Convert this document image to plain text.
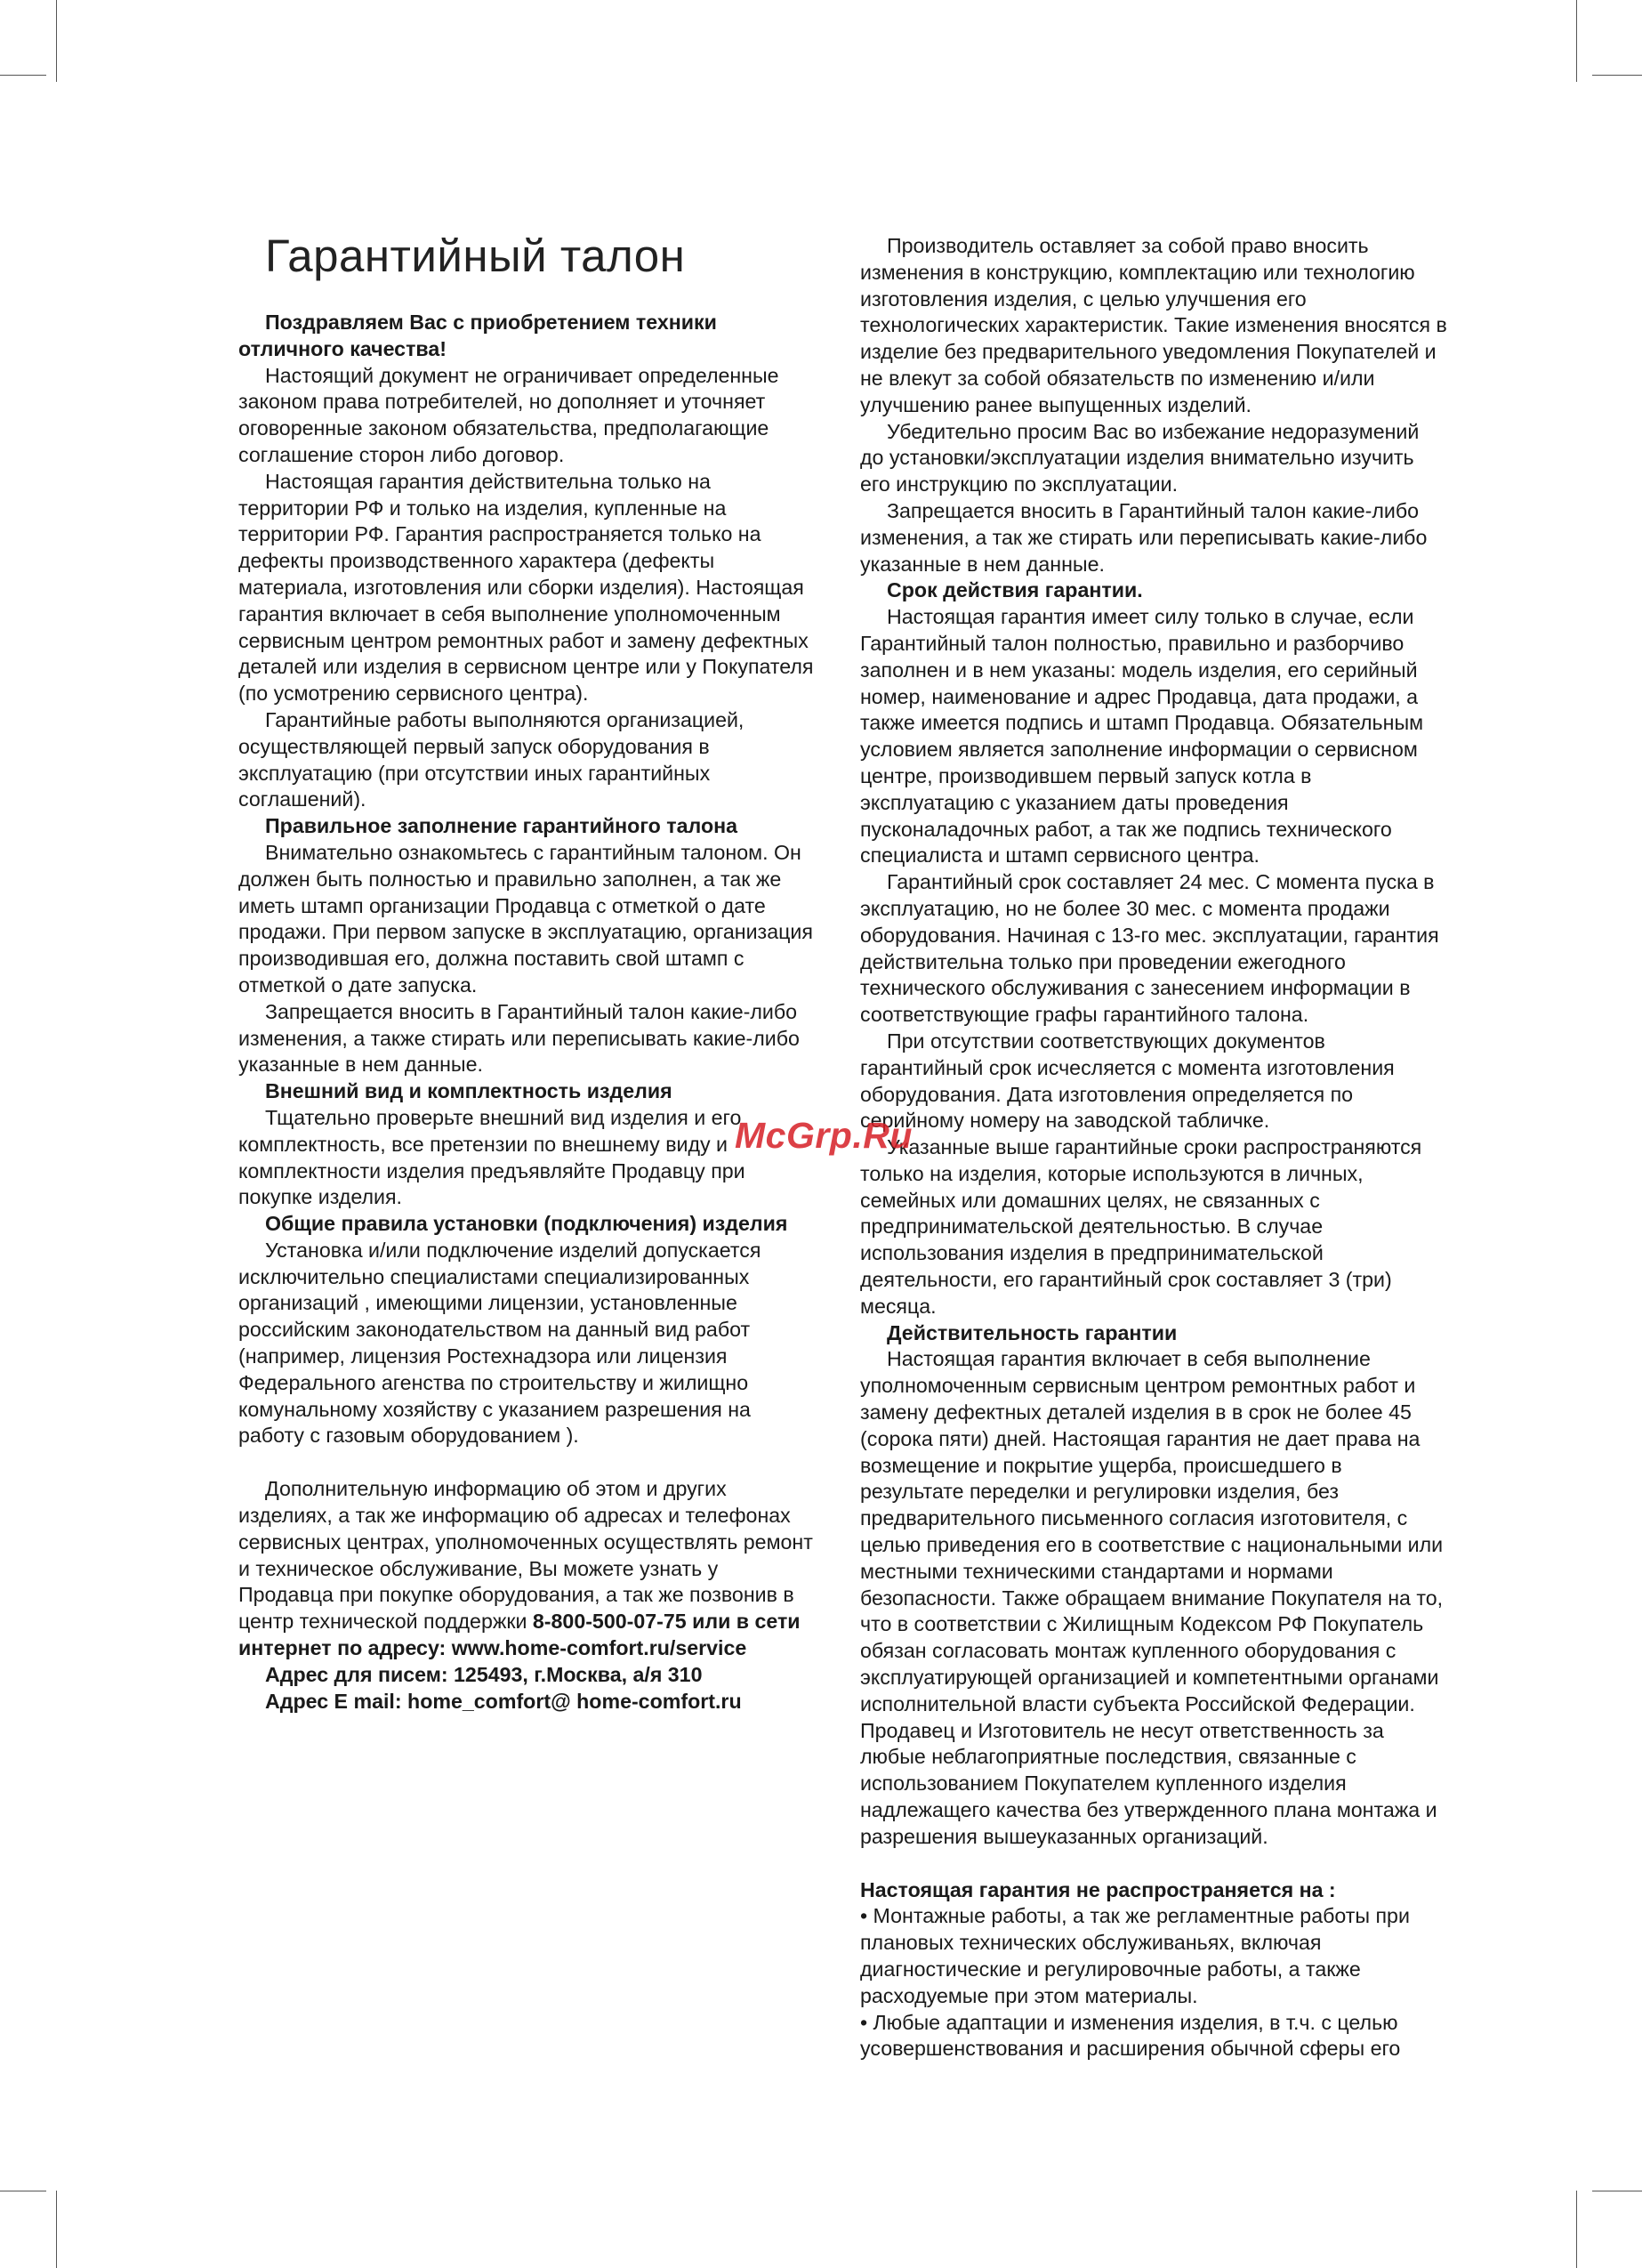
Гарантийный талон

Поздравляем Вас с приобретением техники отличного качества!

Настоящий документ не ограничивает определенные законом права потребителей, но дополняет и уточняет оговоренные законом обязательства, предполагающие соглашение сторон либо договор.

Настоящая гарантия действительна только на территории РФ и только на изделия, купленные на территории РФ. Гарантия распространяется только на дефекты производственного характера (дефекты материала, изготовления или сборки изделия). Настоящая гарантия включает в себя выполнение уполномоченным сервисным центром ремонтных работ и замену дефектных деталей или изделия в сервисном центре или у Покупателя (по усмотрению сервисного центра).

Гарантийные работы выполняются организацией, осуществляющей первый запуск оборудования в эксплуатацию (при отсутствии иных гарантийных соглашений).

Правильное заполнение гарантийного талона

Внимательно ознакомьтесь с гарантийным талоном. Он должен быть полностью и правильно заполнен, а так же иметь штамп организации Продавца с отметкой о дате продажи. При первом запуске в эксплуатацию, организация производившая его, должна поставить свой штамп с отметкой о дате запуска.

Запрещается вносить в Гарантийный талон какие-либо изменения, а также стирать или переписывать какие-либо указанные в нем данные.

Внешний вид и комплектность изделия

Тщательно проверьте внешний вид изделия и его комплектность, все претензии по внешнему виду и комплектности изделия предъявляйте Продавцу при покупке изделия.

Общие правила установки (подключения) изделия

Установка и/или подключение изделий допускается исключительно специалистами специализированных организаций , имеющими лицензии, установленные российским законодательством на данный вид работ (например, лицензия Ростехнадзора или лицензия Федерального агенства по строительству и жилищно комунальному хозяйству с указанием разрешения на работу с газовым оборудованием ).

Дополнительную информацию об этом и других изделиях, а так же информацию об адресах и телефонах сервисных центрах, уполномоченных осуществлять ремонт и техническое обслуживание, Вы можете узнать у Продавца при покупке оборудования, а так же позвонив в центр технической поддержки 8-800-500-07-75 или в сети интернет по адресу: www.home-comfort.ru/service

Адрес для писем: 125493, г.Москва, а/я 310

Адрес E mail: home_comfort@ home-comfort.ru

Производитель оставляет за собой право вносить изменения в конструкцию, комплектацию или технологию изготовления изделия, с целью улучшения его технологических характеристик. Такие изменения вносятся в изделие без предварительного уведомления Покупателей и не влекут за собой обязательств по изменению и/или улучшению ранее выпущенных изделий.

Убедительно просим Вас во избежание недоразумений до установки/эксплуатации изделия внимательно изучить его инструкцию по эксплуатации.

Запрещается вносить в Гарантийный талон какие-либо изменения, а так же стирать или переписывать какие-либо указанные в нем данные.

Срок действия гарантии.

Настоящая гарантия имеет силу только в случае, если Гарантийный талон полностью, правильно и разборчиво заполнен и в нем указаны: модель изделия, его серийный номер, наименование и адрес Продавца, дата продажи, а также имеется подпись и штамп Продавца. Обязательным условием является заполнение информации о сервисном центре, производившем первый запуск котла в эксплуатацию с указанием даты проведения пусконаладочных работ, а так же подпись технического специалиста и штамп сервисного центра.

Гарантийный срок составляет 24 мес. С момента пуска в эксплуатацию, но не более 30 мес. с момента продажи оборудования. Начиная с 13-го мес. эксплуатации, гарантия действительна только при проведении ежегодного технического обслуживания с занесением информации в соответствующие графы гарантийного талона.

При отсутствии соответствующих документов гарантийный срок исчесляется с момента изготовления оборудования. Дата изготовления определяется по серийному номеру на заводской табличке.

Указанные выше гарантийные сроки распространяются только на изделия, которые используются в личных, семейных или домашних целях, не связанных с предпринимательской деятельностью. В случае использования изделия в предпринимательской деятельности, его гарантийный срок составляет 3 (три) месяца.

Действительность гарантии

Настоящая гарантия включает в себя выполнение уполномоченным сервисным центром ремонтных работ и замену дефектных деталей изделия в в срок не более 45 (сорока пяти) дней. Настоящая гарантия не дает права на возмещение и покрытие ущерба, происшедшего в результате переделки и регулировки изделия, без предварительного письменного согласия изготовителя, с целью приведения его в соответствие с национальными или местными техническими стандартами и нормами безопасности. Также обращаем внимание Покупателя на то, что в соответствии с Жилищным Кодексом РФ Покупатель обязан согласовать монтаж купленного оборудования с эксплуатирующей организацией и компетентными органами исполнительной власти субъекта Российской Федерации. Продавец и Изготовитель не несут ответственность за любые неблагоприятные последствия, связанные с использованием Покупателем купленного изделия надлежащего качества без утвержденного плана монтажа и разрешения вышеуказанных организаций.

Настоящая гарантия не распространяется на :

• Монтажные работы, а так же регламентные работы при плановых технических обслуживаньях, включая диагностические и регулировочные работы, а также расходуемые при этом материалы.

• Любые адаптации и изменения изделия, в т.ч. с целью усовершенствования и расширения обычной сферы его

McGrp.Ru
